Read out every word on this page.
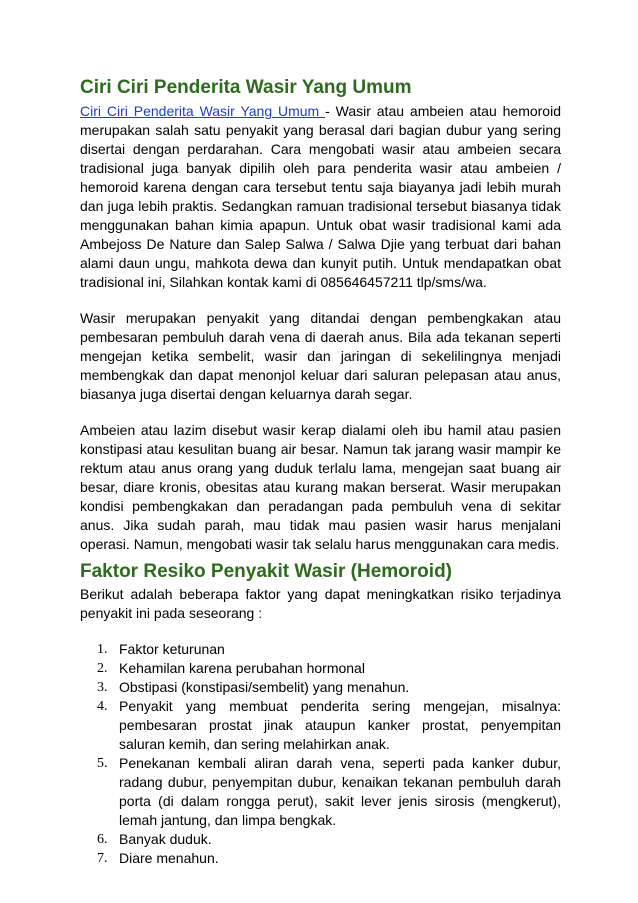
Ciri Ciri Penderita Wasir Yang Umum

Ciri Ciri Penderita Wasir Yang Umum - Wasir atau ambeien atau hemoroid merupakan salah satu penyakit yang berasal dari bagian dubur yang sering disertai dengan perdarahan. Cara mengobati wasir atau ambeien secara tradisional juga banyak dipilih oleh para penderita wasir atau ambeien / hemoroid karena dengan cara tersebut tentu saja biayanya jadi lebih murah dan juga lebih praktis. Sedangkan ramuan tradisional tersebut biasanya tidak menggunakan bahan kimia apapun. Untuk obat wasir tradisional kami ada Ambejoss De Nature dan Salep Salwa / Salwa Djie yang terbuat dari bahan alami daun ungu, mahkota dewa dan kunyit putih. Untuk mendapatkan obat tradisional ini, Silahkan kontak kami di 085646457211 tlp/sms/wa.

Wasir merupakan penyakit yang ditandai dengan pembengkakan atau pembesaran pembuluh darah vena di daerah anus. Bila ada tekanan seperti mengejan ketika sembelit, wasir dan jaringan di sekelilingnya menjadi membengkak dan dapat menonjol keluar dari saluran pelepasan atau anus, biasanya juga disertai dengan keluarnya darah segar.

Ambeien atau lazim disebut wasir kerap dialami oleh ibu hamil atau pasien konstipasi atau kesulitan buang air besar. Namun tak jarang wasir mampir ke rektum atau anus orang yang duduk terlalu lama, mengejan saat buang air besar, diare kronis, obesitas atau kurang makan berserat. Wasir merupakan kondisi pembengkakan dan peradangan pada pembuluh vena di sekitar anus. Jika sudah parah, mau tidak mau pasien wasir harus menjalani operasi. Namun, mengobati wasir tak selalu harus menggunakan cara medis.

Faktor Resiko Penyakit Wasir (Hemoroid)

Berikut adalah beberapa faktor yang dapat meningkatkan risiko terjadinya penyakit ini pada seseorang :

1. Faktor keturunan
2. Kehamilan karena perubahan hormonal
3. Obstipasi (konstipasi/sembelit) yang menahun.
4. Penyakit yang membuat penderita sering mengejan, misalnya: pembesaran prostat jinak ataupun kanker prostat, penyempitan saluran kemih, dan sering melahirkan anak.
5. Penekanan kembali aliran darah vena, seperti pada kanker dubur, radang dubur, penyempitan dubur, kenaikan tekanan pembuluh darah porta (di dalam rongga perut), sakit lever jenis sirosis (mengkerut), lemah jantung, dan limpa bengkak.
6. Banyak duduk.
7. Diare menahun.
